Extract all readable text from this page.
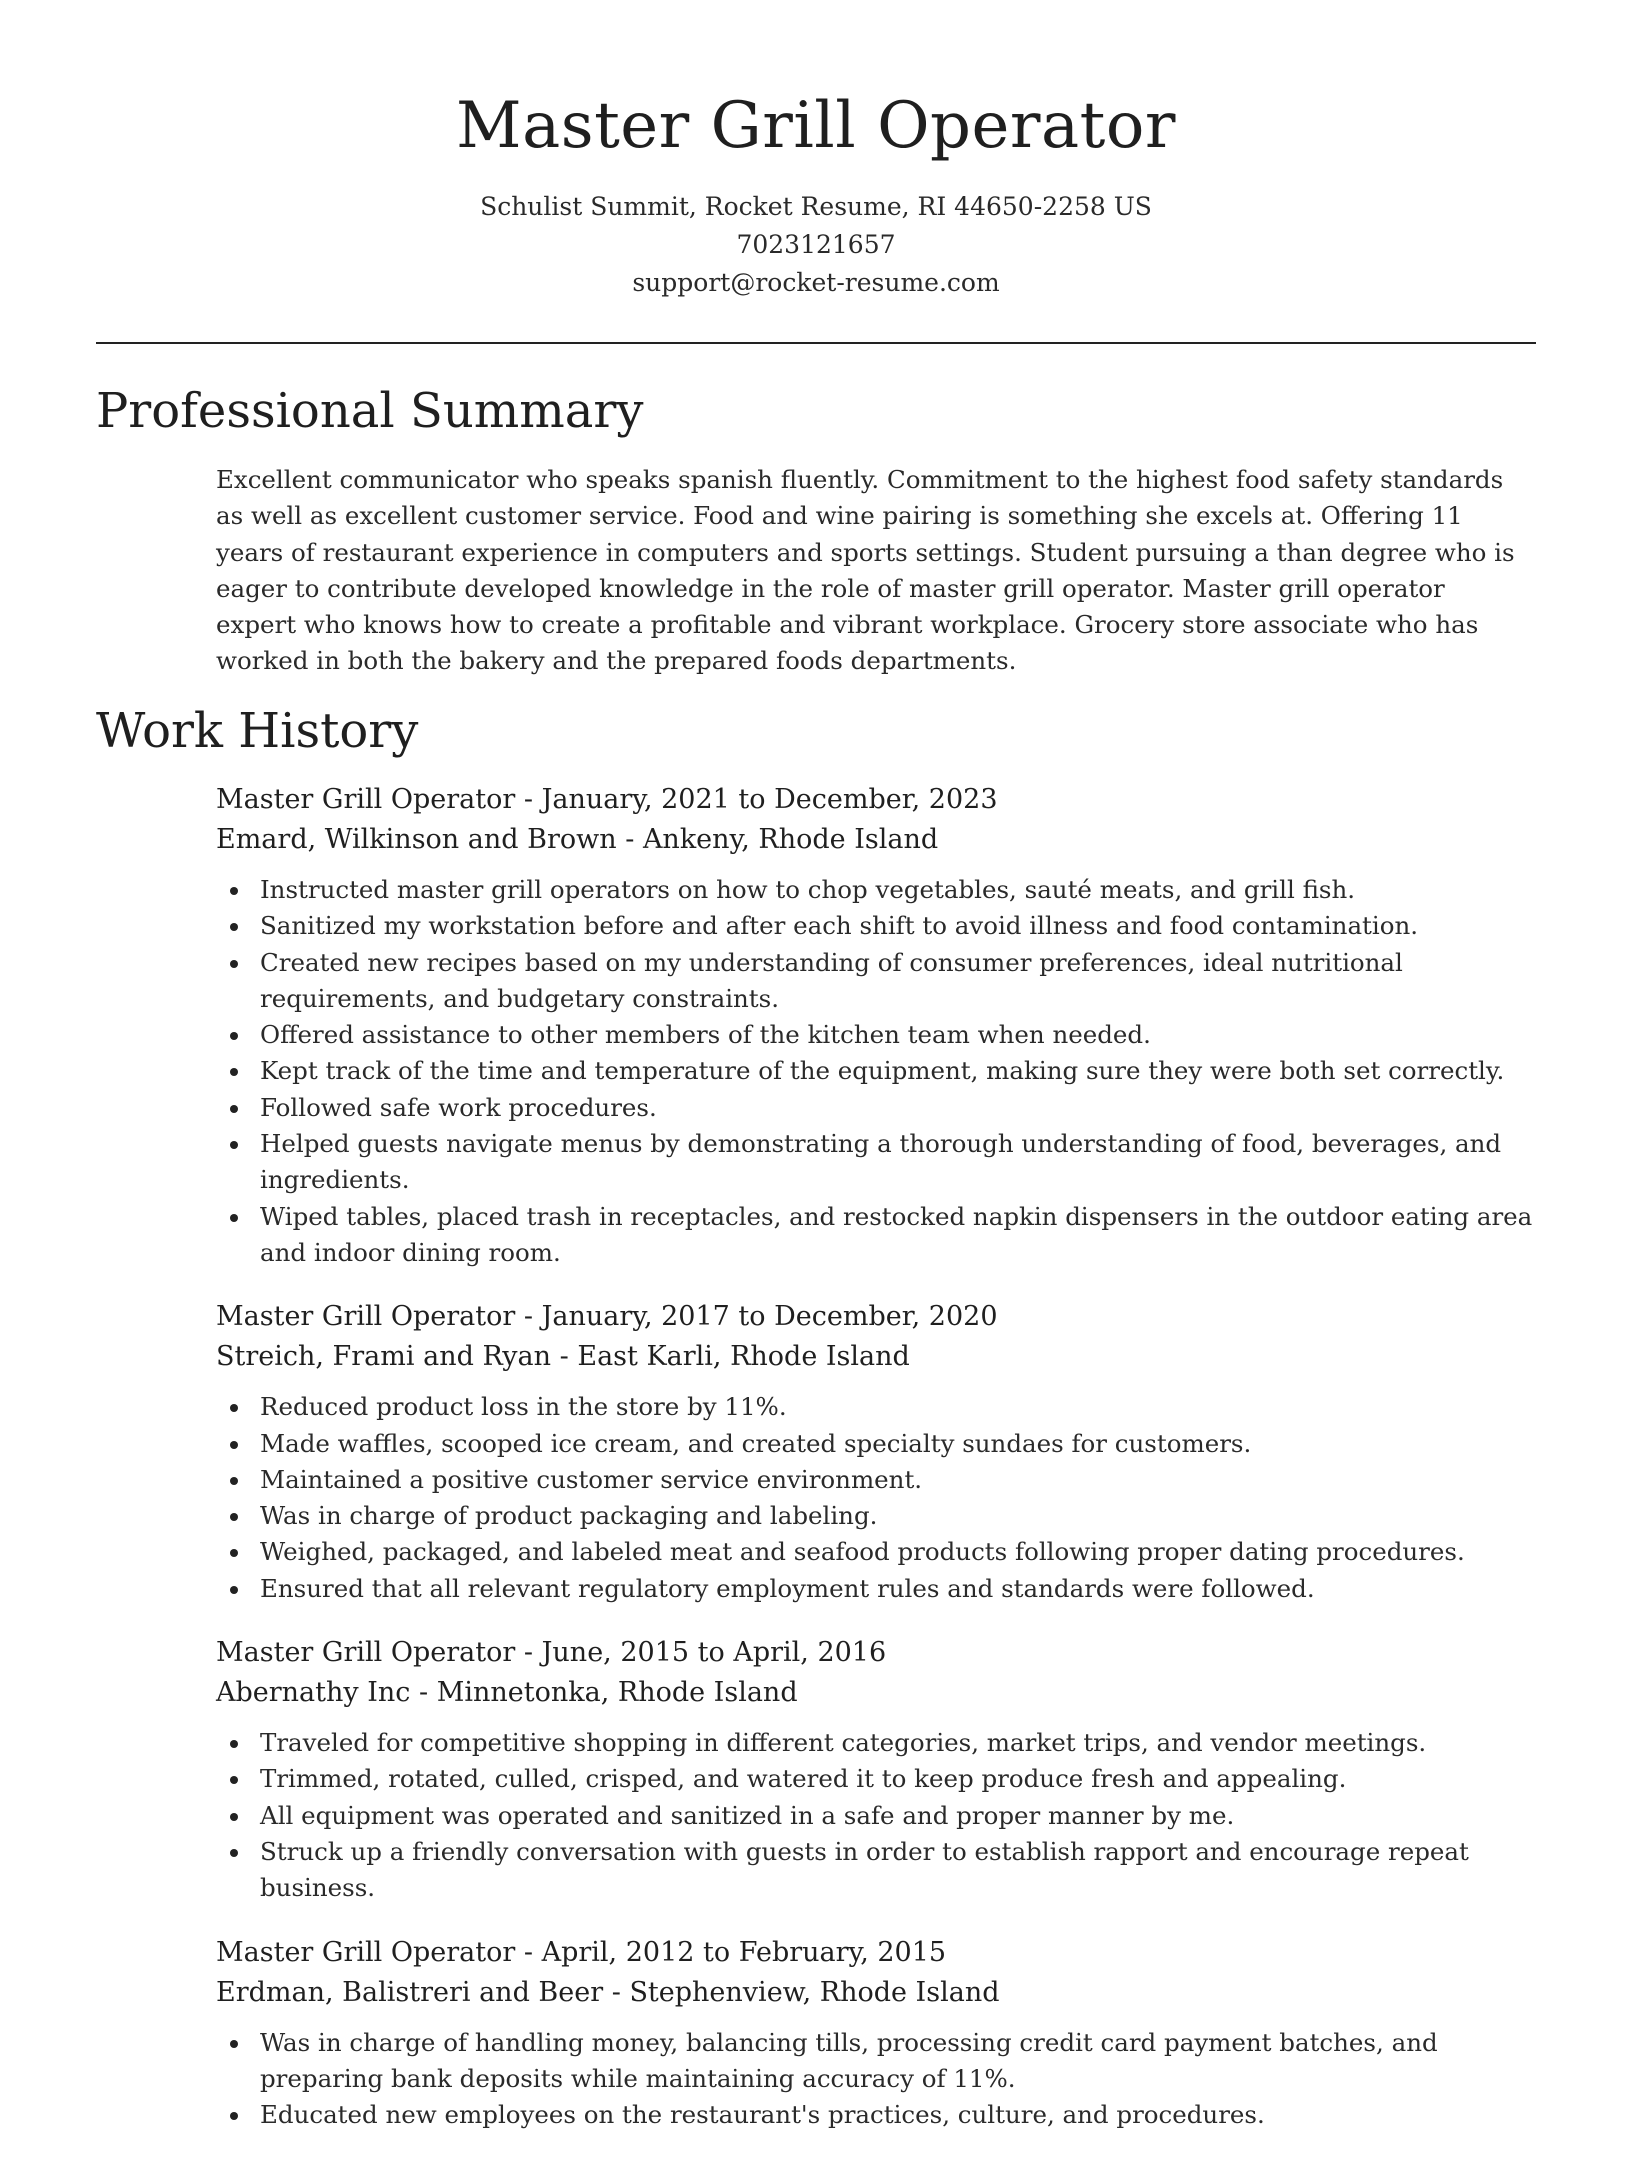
Master Grill Operator
Schulist Summit, Rocket Resume, RI 44650-2258 US
7023121657
support@rocket-resume.com
Professional Summary

Excellent communicator who speaks spanish fluently. Commitment to the highest food safety standards as well as excellent customer service. Food and wine pairing is something she excels at. Offering 11 years of restaurant experience in computers and sports settings. Student pursuing a than degree who is eager to contribute developed knowledge in the role of master grill operator. Master grill operator expert who knows how to create a profitable and vibrant workplace. Grocery store associate who has worked in both the bakery and the prepared foods departments.

Work History

Master Grill Operator - January, 2021 to December, 2023

Emard, Wilkinson and Brown - Ankeny, Rhode Island

Instructed master grill operators on how to chop vegetables, sauté meats, and grill fish.
Sanitized my workstation before and after each shift to avoid illness and food contamination.
Created new recipes based on my understanding of consumer preferences, ideal nutritional requirements, and budgetary constraints.
Offered assistance to other members of the kitchen team when needed.
Kept track of the time and temperature of the equipment, making sure they were both set correctly.
Followed safe work procedures.
Helped guests navigate menus by demonstrating a thorough understanding of food, beverages, and ingredients.
Wiped tables, placed trash in receptacles, and restocked napkin dispensers in the outdoor eating area and indoor dining room.

Master Grill Operator - January, 2017 to December, 2020

Streich, Frami and Ryan - East Karli, Rhode Island

Reduced product loss in the store by 11%.
Made waffles, scooped ice cream, and created specialty sundaes for customers.
Maintained a positive customer service environment.
Was in charge of product packaging and labeling.
Weighed, packaged, and labeled meat and seafood products following proper dating procedures.
Ensured that all relevant regulatory employment rules and standards were followed.

Master Grill Operator - June, 2015 to April, 2016

Abernathy Inc - Minnetonka, Rhode Island

Traveled for competitive shopping in different categories, market trips, and vendor meetings.
Trimmed, rotated, culled, crisped, and watered it to keep produce fresh and appealing.
All equipment was operated and sanitized in a safe and proper manner by me.
Struck up a friendly conversation with guests in order to establish rapport and encourage repeat business.

Master Grill Operator - April, 2012 to February, 2015

Erdman, Balistreri and Beer - Stephenview, Rhode Island

Was in charge of handling money, balancing tills, processing credit card payment batches, and preparing bank deposits while maintaining accuracy of 11%.
Educated new employees on the restaurant's practices, culture, and procedures.
